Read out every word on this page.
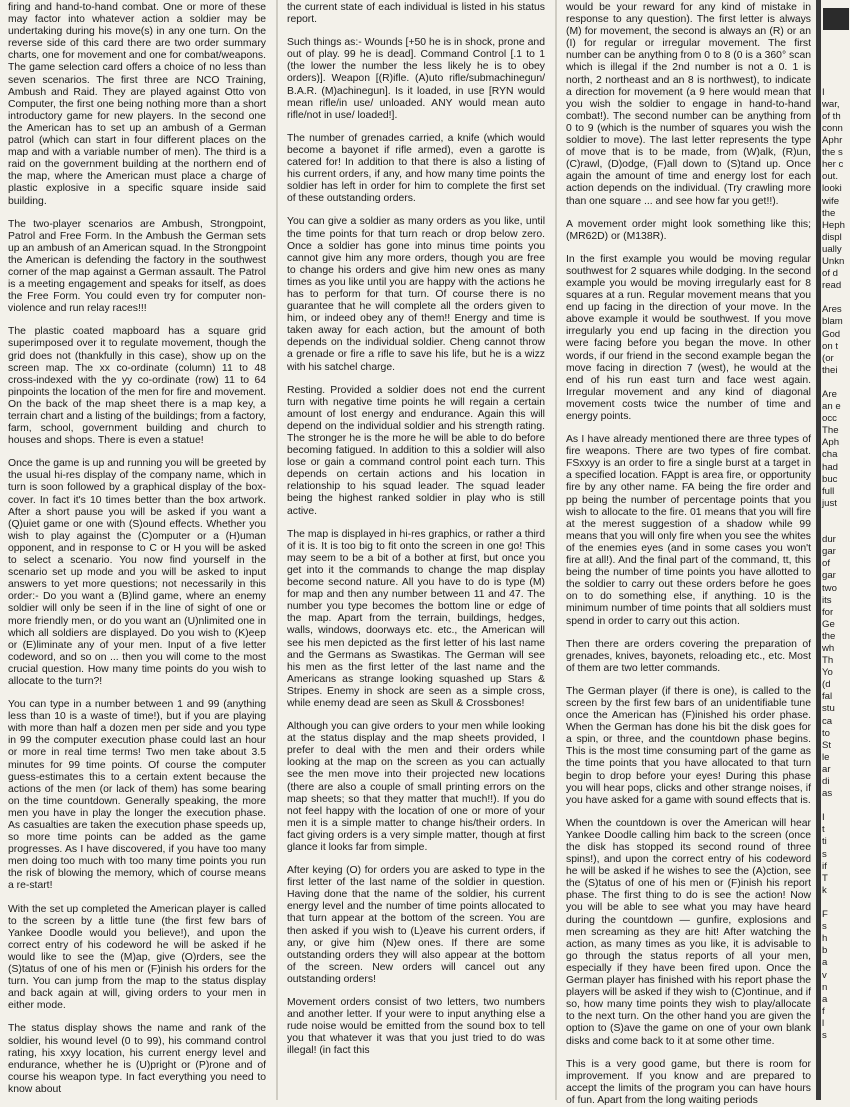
firing and hand-to-hand combat. One or more of these may factor into whatever action a soldier may be undertaking during his move(s) in any one turn. On the reverse side of this card there are two order summary charts, one for movement and one for combat/weapons. The game selection card offers a choice of no less than seven scenarios. The first three are NCO Training, Ambush and Raid. They are played against Otto von Computer, the first one being nothing more than a short introductory game for new players. In the second one the American has to set up an ambush of a German patrol (which can start in four different places on the map and with a variable number of men). The third is a raid on the government building at the northern end of the map, where the American must place a charge of plastic explosive in a specific square inside said building.

The two-player scenarios are Ambush, Strongpoint, Patrol and Free Form. In the Ambush the German sets up an ambush of an American squad. In the Strongpoint the American is defending the factory in the southwest corner of the map against a German assault. The Patrol is a meeting engagement and speaks for itself, as does the Free Form. You could even try for computer non-violence and run relay races!!!

The plastic coated mapboard has a square grid superimposed over it to regulate movement, though the grid does not (thankfully in this case), show up on the screen map. The xx co-ordinate (column) 11 to 48 cross-indexed with the yy co-ordinate (row) 11 to 64 pinpoints the location of the men for fire and movement. On the back of the map sheet there is a map key, a terrain chart and a listing of the buildings; from a factory, farm, school, government building and church to houses and shops. There is even a statue!

Once the game is up and running you will be greeted by the usual hi-res display of the company name, which in turn is soon followed by a graphical display of the box-cover. In fact it's 10 times better than the box artwork. After a short pause you will be asked if you want a (Q)uiet game or one with (S)ound effects. Whether you wish to play against the (C)omputer or a (H)uman opponent, and in response to C or H you will be asked to select a scenario. You now find yourself in the scenario set up mode and you will be asked to input answers to yet more questions; not necessarily in this order:- Do you want a (B)lind game, where an enemy soldier will only be seen if in the line of sight of one or more friendly men, or do you want an (U)nlimited one in which all soldiers are displayed. Do you wish to (K)eep or (E)liminate any of your men. Input of a five letter codeword, and so on ... then you will come to the most crucial question. How many time points do you wish to allocate to the turn?!

You can type in a number between 1 and 99 (anything less than 10 is a waste of time!), but if you are playing with more than half a dozen men per side and you type in 99 the computer execution phase could last an hour or more in real time terms! Two men take about 3.5 minutes for 99 time points. Of course the computer guess-estimates this to a certain extent because the actions of the men (or lack of them) has some bearing on the time countdown. Generally speaking, the more men you have in play the longer the execution phase. As casualties are taken the execution phase speeds up, so more time points can be added as the game progresses. As I have discovered, if you have too many men doing too much with too many time points you run the risk of blowing the memory, which of course means a re-start!

With the set up completed the American player is called to the screen by a little tune (the first few bars of Yankee Doodle would you believe!), and upon the correct entry of his codeword he will be asked if he would like to see the (M)ap, give (O)rders, see the (S)tatus of one of his men or (F)inish his orders for the turn. You can jump from the map to the status display and back again at will, giving orders to your men in either mode.

The status display shows the name and rank of the soldier, his wound level (0 to 99), his command control rating, his xxyy location, his current energy level and endurance, whether he is (U)pright or (P)rone and of course his weapon type. In fact everything you need to know about

the current state of each individual is listed in his status report.

Such things as:- Wounds [+50 he is in shock, prone and out of play. 99 he is dead]. Command Control [.1 to 1 (the lower the number the less likely he is to obey orders)]. Weapon [(R)ifle. (A)uto rifle/submachinegun/ B.A.R. (M)achinegun]. Is it loaded, in use [RYN would mean rifle/in use/ unloaded. ANY would mean auto rifle/not in use/ loaded!].

The number of grenades carried, a knife (which would become a bayonet if rifle armed), even a garotte is catered for! In addition to that there is also a listing of his current orders, if any, and how many time points the soldier has left in order for him to complete the first set of these outstanding orders.

You can give a soldier as many orders as you like, until the time points for that turn reach or drop below zero. Once a soldier has gone into minus time points you cannot give him any more orders, though you are free to change his orders and give him new ones as many times as you like until you are happy with the actions he has to perform for that turn. Of course there is no guarantee that he will complete all the orders given to him, or indeed obey any of them!! Energy and time is taken away for each action, but the amount of both depends on the individual soldier. Cheng cannot throw a grenade or fire a rifle to save his life, but he is a wizz with his satchel charge.

Resting. Provided a soldier does not end the current turn with negative time points he will regain a certain amount of lost energy and endurance. Again this will depend on the individual soldier and his strength rating. The stronger he is the more he will be able to do before becoming fatigued. In addition to this a soldier will also lose or gain a command control point each turn. This depends on certain actions and his location in relationship to his squad leader. The squad leader being the highest ranked soldier in play who is still active.

The map is displayed in hi-res graphics, or rather a third of it is. It is too big to fit onto the screen in one go! This may seem to be a bit of a bother at first, but once you get into it the commands to change the map display become second nature. All you have to do is type (M) for map and then any number between 11 and 47. The number you type becomes the bottom line or edge of the map. Apart from the terrain, buildings, hedges, walls, windows, doorways etc. etc., the American will see his men depicted as the first letter of his last name and the Germans as Swastikas. The German will see his men as the first letter of the last name and the Americans as strange looking squashed up Stars & Stripes. Enemy in shock are seen as a simple cross, while enemy dead are seen as Skull & Crossbones!

Although you can give orders to your men while looking at the status display and the map sheets provided, I prefer to deal with the men and their orders while looking at the map on the screen as you can actually see the men move into their projected new locations (there are also a couple of small printing errors on the map sheets; so that they matter that much!!). If you do not feel happy with the location of one or more of your men it is a simple matter to change his/their orders. In fact giving orders is a very simple matter, though at first glance it looks far from simple.

After keying (O) for orders you are asked to type in the first letter of the last name of the soldier in question. Having done that the name of the soldier, his current energy level and the number of time points allocated to that turn appear at the bottom of the screen. You are then asked if you wish to (L)eave his current orders, if any, or give him (N)ew ones. If there are some outstanding orders they will also appear at the bottom of the screen. New orders will cancel out any outstanding orders!

Movement orders consist of two letters, two numbers and another letter. If your were to input anything else a rude noise would be emitted from the sound box to tell you that whatever it was that you just tried to do was illegal! (in fact this

would be your reward for any kind of mistake in response to any question). The first letter is always (M) for movement, the second is always an (R) or an (I) for regular or irregular movement. The first number can be anything from 0 to 8 (0 is a 360° scan which is illegal if the 2nd number is not a 0. 1 is north, 2 northeast and an 8 is northwest), to indicate a direction for movement (a 9 here would mean that you wish the soldier to engage in hand-to-hand combat!). The second number can be anything from 0 to 9 (which is the number of squares you wish the soldier to move). The last letter represents the type of move that is to be made, from (W)alk, (R)un, (C)rawl, (D)odge, (F)all down to (S)tand up. Once again the amount of time and energy lost for each action depends on the individual. (Try crawling more than one square ... and see how far you get!!).

A movement order might look something like this; (MR62D) or (M138R).

In the first example you would be moving regular southwest for 2 squares while dodging. In the second example you would be moving irregularly east for 8 squares at a run. Regular movement means that you end up facing in the direction of your move. In the above example it would be southwest. If you move irregularly you end up facing in the direction you were facing before you began the move. In other words, if our friend in the second example began the move facing in direction 7 (west), he would at the end of his run east turn and face west again. Irregular movement and any kind of diagonal movement costs twice the number of time and energy points.

As I have already mentioned there are three types of fire weapons. There are two types of fire combat. FSxxyy is an order to fire a single burst at a target in a specified location. FAppt is area fire, or opportunity fire by any other name. FA being the fire order and pp being the number of percentage points that you wish to allocate to the fire. 01 means that you will fire at the merest suggestion of a shadow while 99 means that you will only fire when you see the whites of the enemies eyes (and in some cases you won't fire at all!). And the final part of the command, tt, this being the number of time points you have allotted to the soldier to carry out these orders before he goes on to do something else, if anything. 10 is the minimum number of time points that all soldiers must spend in order to carry out this action.

Then there are orders covering the preparation of grenades, knives, bayonets, reloading etc., etc. Most of them are two letter commands.

The German player (if there is one), is called to the screen by the first few bars of an unidentifiable tune once the American has (F)inished his order phase. When the German has done his bit the disk goes for a spin, or three, and the countdown phase begins. This is the most time consuming part of the game as the time points that you have allocated to that turn begin to drop before your eyes! During this phase you will hear pops, clicks and other strange noises, if you have asked for a game with sound effects that is.

When the countdown is over the American will hear Yankee Doodle calling him back to the screen (once the disk has stopped its second round of three spins!), and upon the correct entry of his codeword he will be asked if he wishes to see the (A)ction, see the (S)tatus of one of his men or (F)inish his report phase. The first thing to do is see the action! Now you will be able to see what you may have heard during the countdown — gunfire, explosions and men screaming as they are hit! After watching the action, as many times as you like, it is advisable to go through the status reports of all your men, especially if they have been fired upon. Once the German player has finished with his report phase the players will be asked if they wish to (C)ontinue, and if so, how many time points they wish to play/allocate to the next turn. On the other hand you are given the option to (S)ave the game on one of your own blank disks and come back to it at some other time.

This is a very good game, but there is room for improvement. If you know and are prepared to accept the limits of the program you can have hours of fun. Apart from the long waiting periods

I
war,
of th
conn
Aphr
the s
her c
out.
looki
wife
the
Heph
displ
ually
Unkn
of d
read
Ares
blam
God
on t
(or
thei
Are
an e
occ
The
Aph
cha
had
buc
full
just
dur
gar
of
gar
two
its
for
Ge
the
wh
Th
Yo
(d
fal
stu
ca
to
St
le
ar
di
as
I
t
ti
s
if
T
k
F
s
h
b
a
v
n
a
f
l
s
